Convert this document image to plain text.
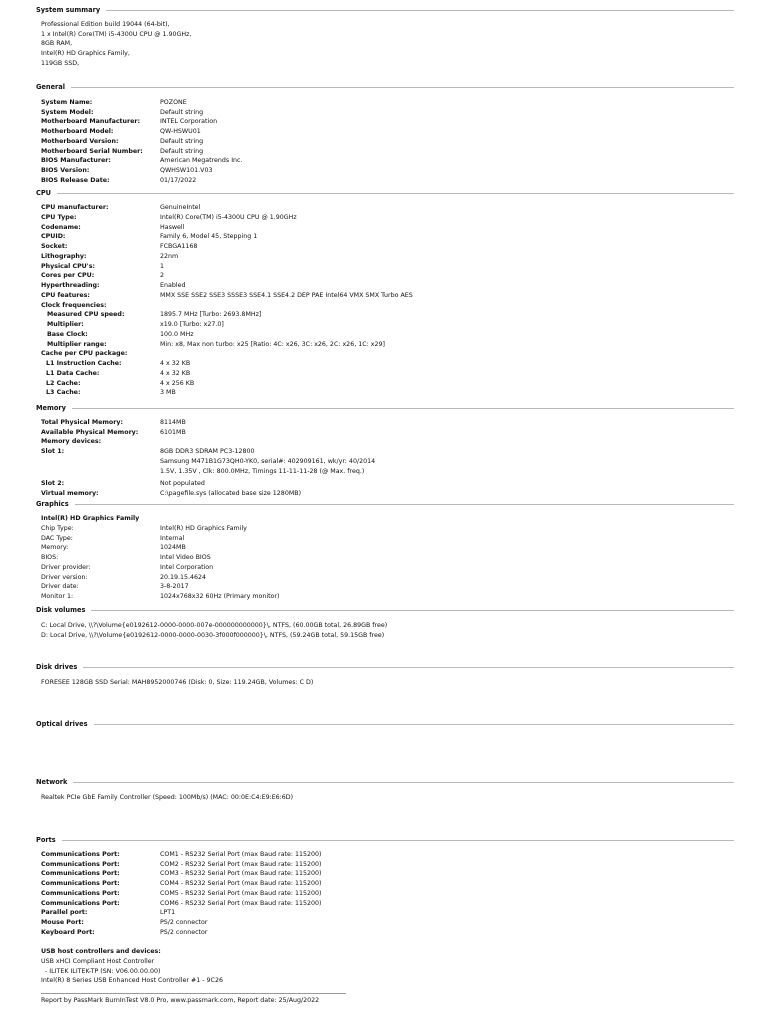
System summary
Professional Edition build 19044 (64-bit),
1 x Intel(R) Core(TM) i5-4300U CPU @ 1.90GHz,
8GB RAM,
Intel(R) HD Graphics Family,
119GB SSD,
General
System Name:	POZONE
System Model:	Default string
Motherboard Manufacturer:	INTEL Corporation
Motherboard Model:	QW-HSWU01
Motherboard Version:	Default string
Motherboard Serial Number:	Default string
BIOS Manufacturer:	American Megatrends Inc.
BIOS Version:	QWHSW101.V03
BIOS Release Date:	01/17/2022
CPU
CPU manufacturer:	GenuineIntel
CPU Type:	Intel(R) Core(TM) i5-4300U CPU @ 1.90GHz
Codename:	Haswell
CPUID:	Family 6, Model 45, Stepping 1
Socket:	FCBGA1168
Lithography:	22nm
Physical CPU's:	1
Cores per CPU:	2
Hyperthreading:	Enabled
CPU features:	MMX SSE SSE2 SSE3 SSSE3 SSE4.1 SSE4.2 DEP PAE Intel64 VMX SMX Turbo AES
Clock frequencies:
Measured CPU speed:	1895.7 MHz [Turbo: 2693.8MHz]
Multiplier:	x19.0 [Turbo: x27.0]
Base Clock:	100.0 MHz
Multiplier range:	Min: x8, Max non turbo: x25 [Ratio: 4C: x26, 3C: x26, 2C: x26, 1C: x29]
Cache per CPU package:
L1 Instruction Cache:	4 x 32 KB
L1 Data Cache:	4 x 32 KB
L2 Cache:	4 x 256 KB
L3 Cache:	3 MB
Memory
Total Physical Memory:	8114MB
Available Physical Memory:	6101MB
Memory devices:
Slot 1:	8GB DDR3 SDRAM PC3-12800
Samsung M471B1G73QH0-YK0, serial#: 402909161, wk/yr: 40/2014
1.5V, 1.35V , Clk: 800.0MHz, Timings 11-11-11-28 (@ Max. freq.)
Slot 2:	Not populated
Virtual memory:	C:\pagefile.sys (allocated base size 1280MB)
Graphics
Intel(R) HD Graphics Family
Chip Type:	Intel(R) HD Graphics Family
DAC Type:	Internal
Memory:	1024MB
BIOS:	Intel Video BIOS
Driver provider:	Intel Corporation
Driver version:	20.19.15.4624
Driver date:	3-8-2017
Monitor 1:	1024x768x32 60Hz (Primary monitor)
Disk volumes
C: Local Drive, \\?\Volume{e0192612-0000-0000-007e-000000000000}\, NTFS, (60.00GB total, 26.89GB free)
D: Local Drive, \\?\Volume{e0192612-0000-0000-0030-3f000f000000}\, NTFS, (59.24GB total, 59.15GB free)
Disk drives
FORESEE 128GB SSD Serial: MAH8952000746 (Disk: 0, Size: 119.24GB, Volumes: C D)
Optical drives
Network
Realtek PCIe GbE Family Controller (Speed: 100Mb/s) (MAC: 00:0E:C4:E9:E6:6D)
Ports
Communications Port:	COM1 - RS232 Serial Port (max Baud rate: 115200)
Communications Port:	COM2 - RS232 Serial Port (max Baud rate: 115200)
Communications Port:	COM3 - RS232 Serial Port (max Baud rate: 115200)
Communications Port:	COM4 - RS232 Serial Port (max Baud rate: 115200)
Communications Port:	COM5 - RS232 Serial Port (max Baud rate: 115200)
Communications Port:	COM6 - RS232 Serial Port (max Baud rate: 115200)
Parallel port:	LPT1
Mouse Port:	PS/2 connector
Keyboard Port:	PS/2 connector
USB host controllers and devices:
USB xHCI Compliant Host Controller
- ILITEK ILITEK-TP (SN: V06.00.00.00)
Intel(R) 8 Series USB Enhanced Host Controller #1 - 9C26
Report by PassMark BurnInTest V8.0 Pro, www.passmark.com, Report date: 25/Aug/2022
